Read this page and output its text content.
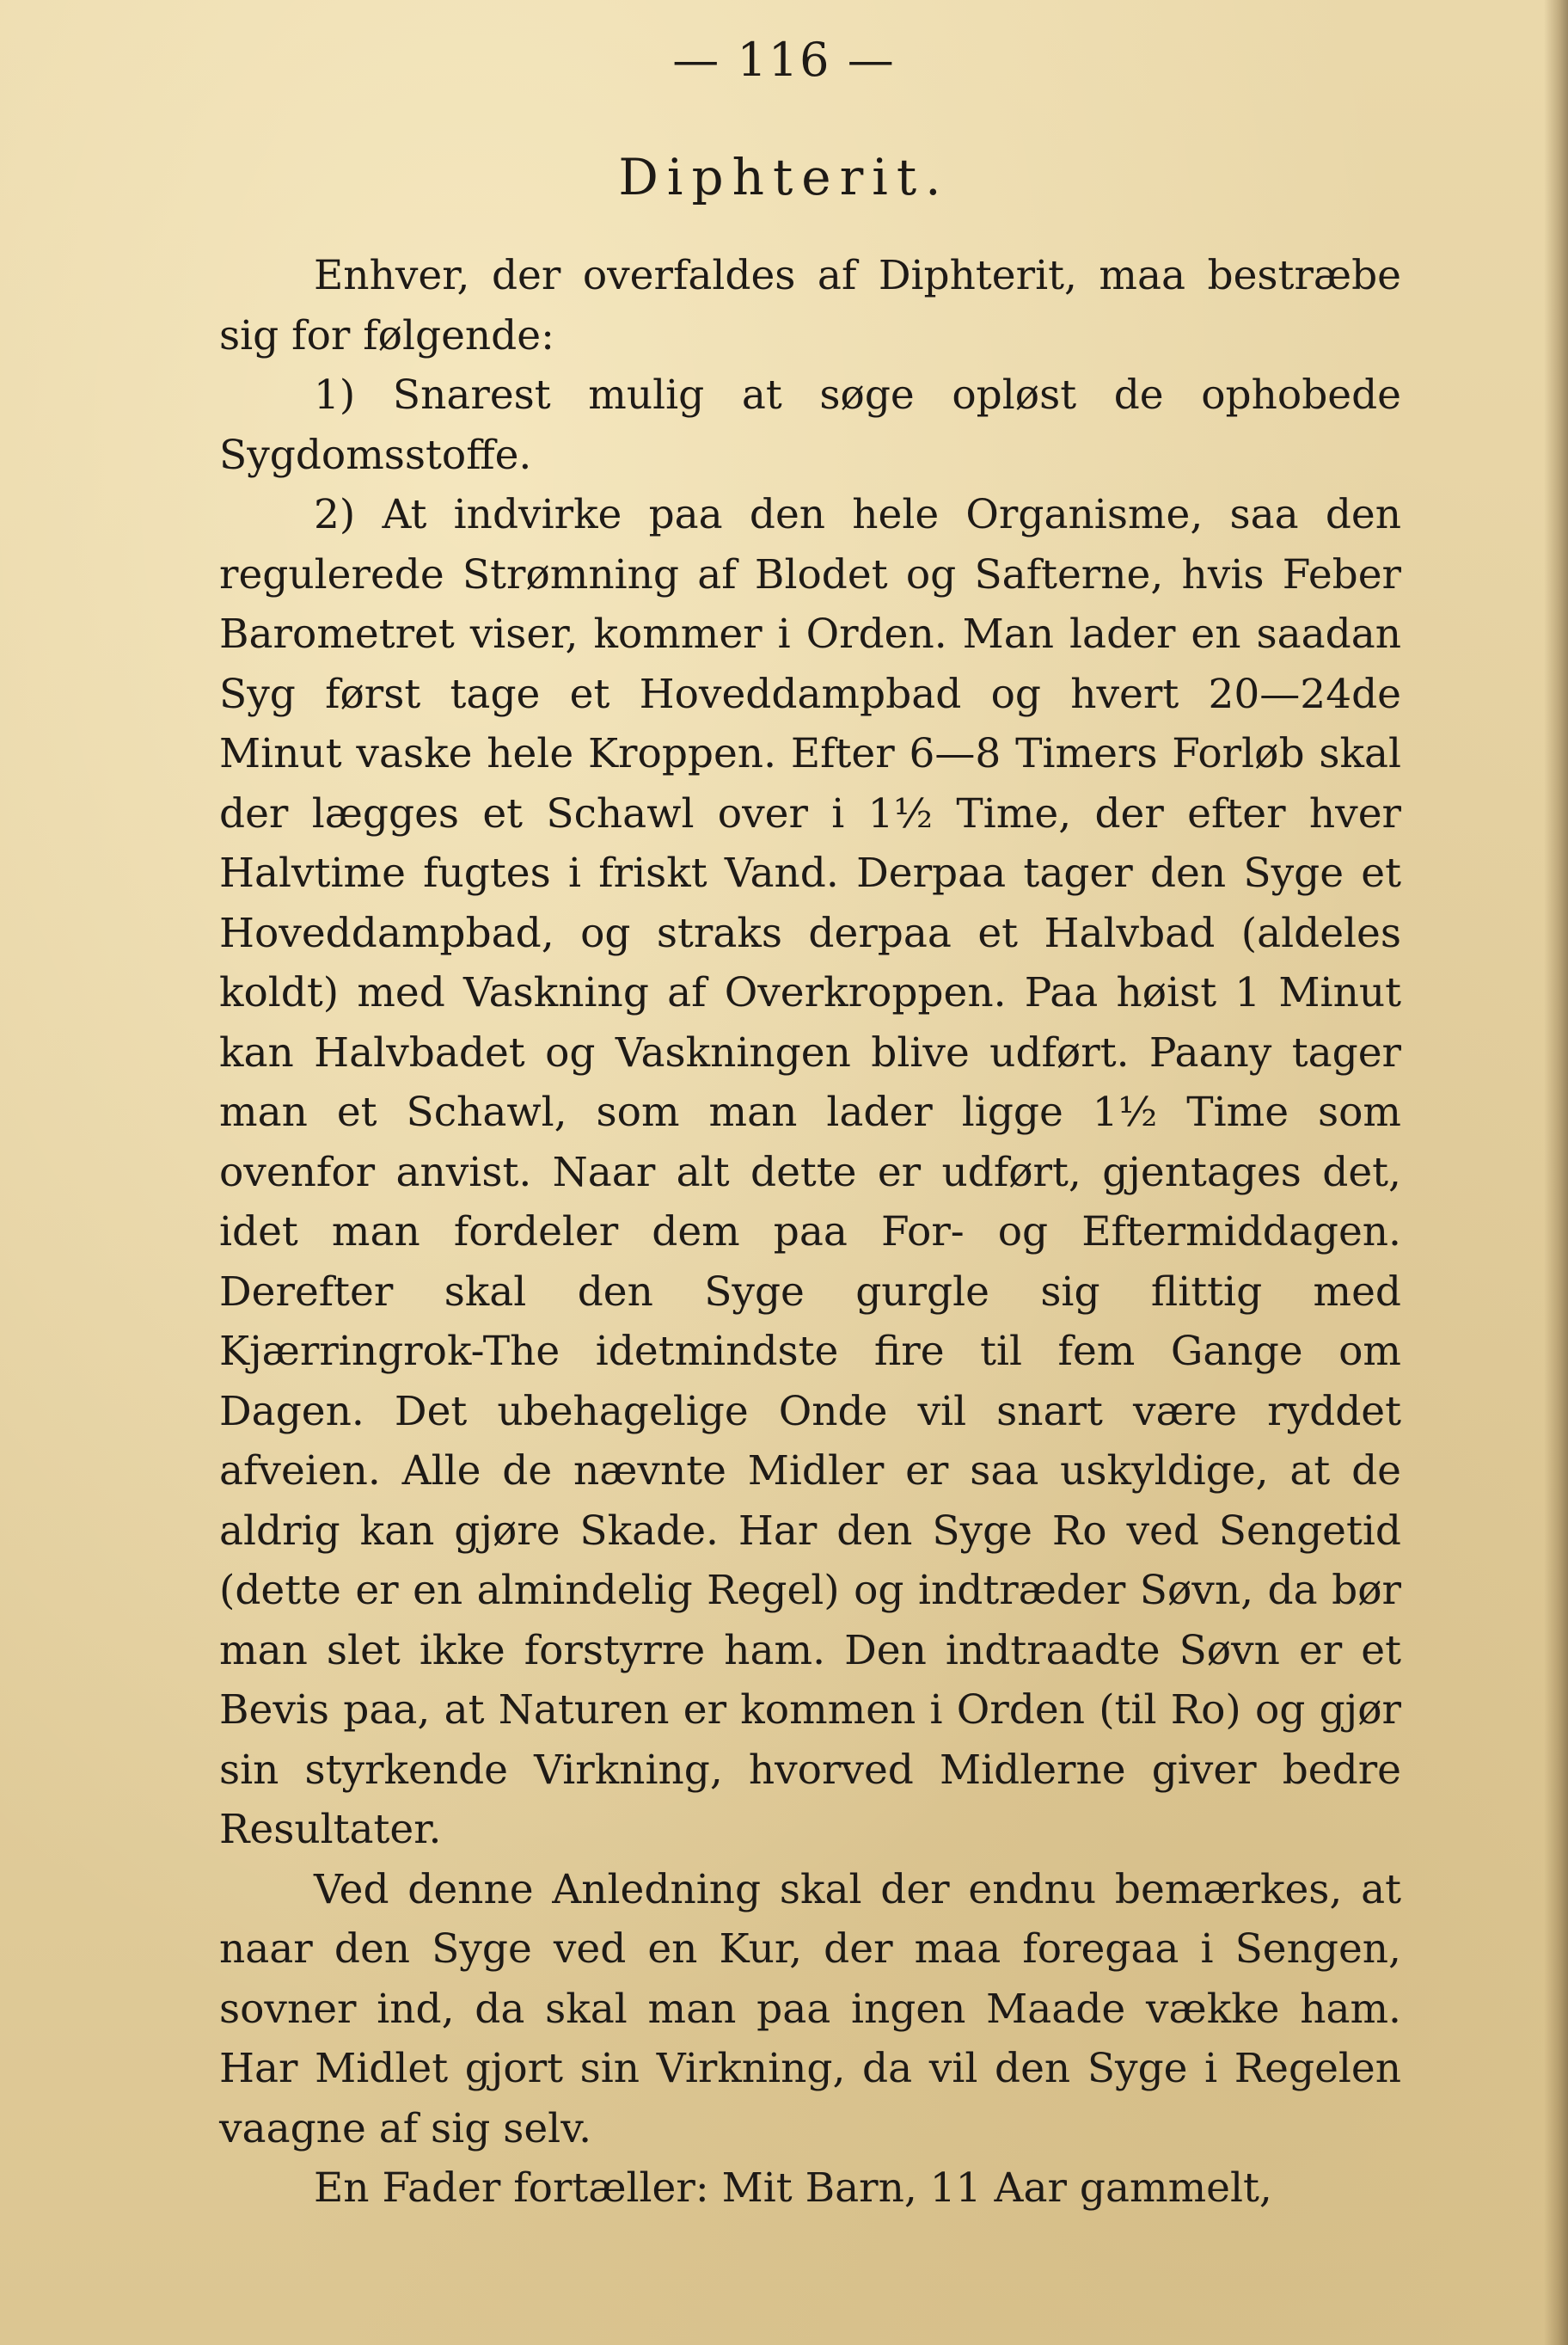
— 116 —
Diphterit.

Enhver, der overfaldes af Diphterit, maa bestræbe sig for følgende:

1) Snarest mulig at søge opløst de ophobede Sygdomsstoffe.

2) At indvirke paa den hele Organisme, saa den regulerede Strømning af Blodet og Safterne, hvis Feber Barometret viser, kommer i Orden. Man lader en saadan Syg først tage et Hoveddampbad og hvert 20—24de Minut vaske hele Kroppen. Efter 6—8 Timers Forløb skal der lægges et Schawl over i 1½ Time, der efter hver Halvtime fugtes i friskt Vand. Derpaa tager den Syge et Hoveddampbad, og straks derpaa et Halvbad (aldeles koldt) med Vaskning af Overkroppen. Paa høist 1 Minut kan Halvbadet og Vaskningen blive udført. Paany tager man et Schawl, som man lader ligge 1½ Time som ovenfor anvist. Naar alt dette er udført, gjentages det, idet man fordeler dem paa For- og Eftermiddagen. Derefter skal den Syge gurgle sig flittig med Kjærringrok-The idetmindste fire til fem Gange om Dagen. Det ubehagelige Onde vil snart være ryddet afveien. Alle de nævnte Midler er saa uskyldige, at de aldrig kan gjøre Skade. Har den Syge Ro ved Sengetid (dette er en almindelig Regel) og indtræder Søvn, da bør man slet ikke forstyrre ham. Den indtraadte Søvn er et Bevis paa, at Naturen er kommen i Orden (til Ro) og gjør sin styrkende Virkning, hvorved Midlerne giver bedre Resultater.

Ved denne Anledning skal der endnu bemærkes, at naar den Syge ved en Kur, der maa foregaa i Sengen, sovner ind, da skal man paa ingen Maade vække ham. Har Midlet gjort sin Virkning, da vil den Syge i Regelen vaagne af sig selv.

En Fader fortæller: Mit Barn, 11 Aar gammelt,
